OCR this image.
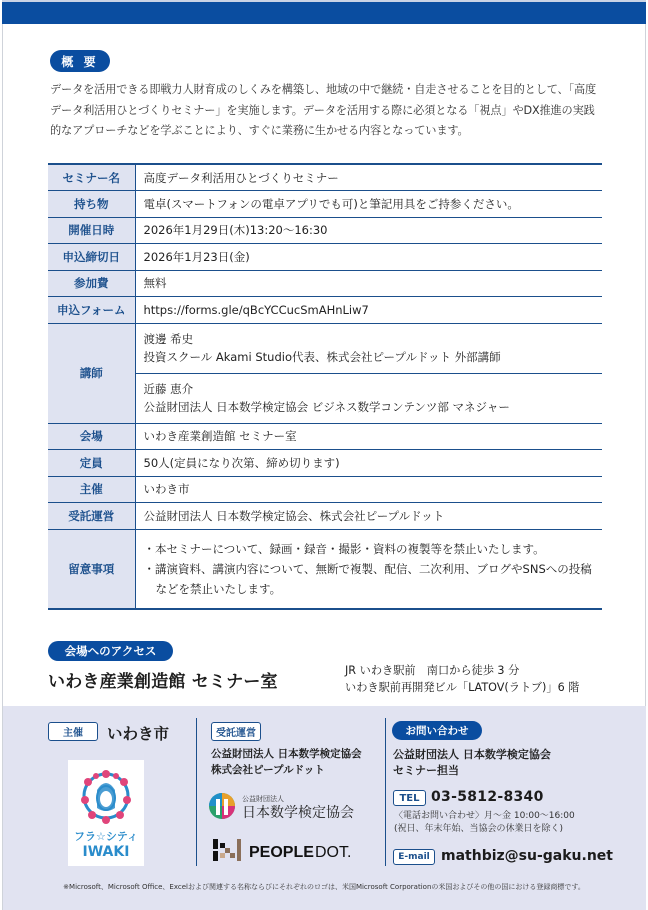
概 要

データを活用できる即戦力人財育成のしくみを構築し、地域の中で継続・自走させることを目的として、「高度データ利活用ひとづくりセミナー」を実施します。データを活用する際に必須となる「視点」やDX推進の実践的なアプローチなどを学ぶことにより、すぐに業務に生かせる内容となっています。

セミナー名	高度データ利活用ひとづくりセミナー
持ち物	電卓(スマートフォンの電卓アプリでも可)と筆記用具をご持参ください。
開催日時	2026年1月29日(木)13:20〜16:30
申込締切日	2026年1月23日(金)
参加費	無料
申込フォーム	https://forms.gle/qBcYCCucSmAHnLiw7
講師	渡邊 希史
投資スクール Akami Studio代表、株式会社ピープルドット 外部講師

	近藤 恵介
公益財団法人 日本数学検定協会 ビジネス数学コンテンツ部 マネジャー

会場	いわき産業創造館 セミナー室
定員	50人(定員になり次第、締め切ります)
主催	いわき市
受託運営	公益財団法人 日本数学検定協会、株式会社ピープルドット
留意事項	・本セミナーについて、録画・録音・撮影・資料の複製等を禁止いたします。
・講演資料、講演内容について、無断で複製、配信、二次利用、ブログやSNSへの投稿などを禁止いたします。
会場へのアクセス
いわき産業創造館 セミナー室
JR いわき駅前　南口から徒歩 3 分
いわき駅前再開発ビル「LATOV(ラトブ)」6 階
主催	いわき市
フラ☆シティ
IWAKI
受託運営
公益財団法人 日本数学検定協会
株式会社ピープルドット
公益財団法人
日本数学検定協会
PEOPLE DOT.
お問い合わせ
公益財団法人 日本数学検定協会
セミナー担当
TEL 03-5812-8340
〈電話お問い合わせ〉月〜金 10:00〜16:00
(祝日、年末年始、当協会の休業日を除く)
E-mail mathbiz@su-gaku.net
※Microsoft、Microsoft Office、Excelおよび関連する名称ならびにそれぞれのロゴは、米国Microsoft Corporationの米国およびその他の国における登録商標です。
